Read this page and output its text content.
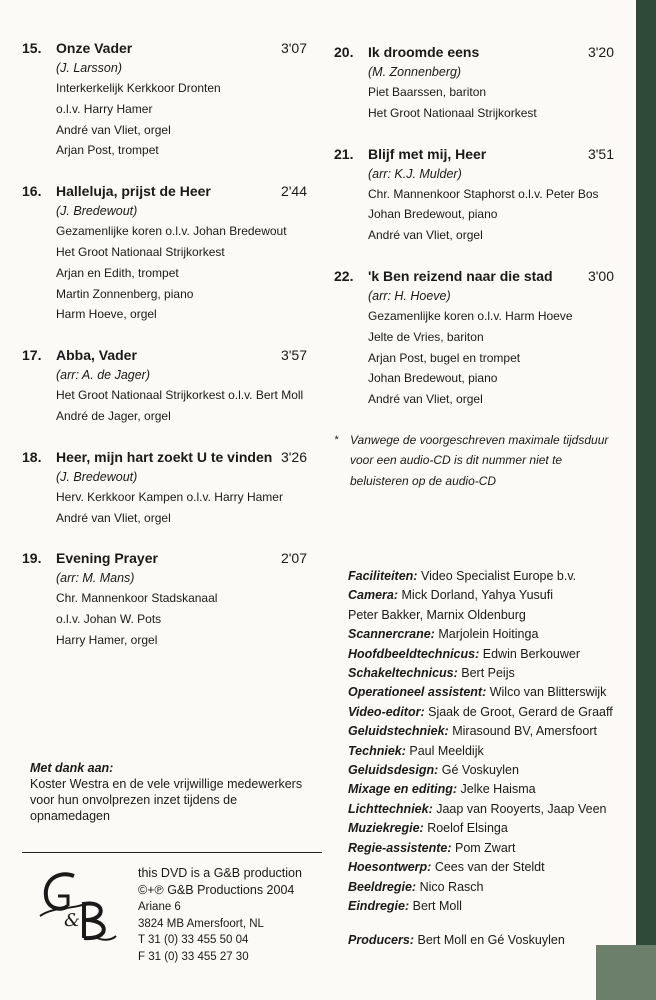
15.	Onze Vader	3'07
(J. Larsson)
Interkerkelijk Kerkkoor Dronten
o.l.v. Harry Hamer
André van Vliet, orgel
Arjan Post, trompet
16.	Halleluja, prijst de Heer	2'44
(J. Bredewout)
Gezamenlijke koren o.l.v. Johan Bredewout
Het Groot Nationaal Strijkorkest
Arjan en Edith, trompet
Martin Zonnenberg, piano
Harm Hoeve, orgel
17.	Abba, Vader	3'57
(arr: A. de Jager)
Het Groot Nationaal Strijkorkest o.l.v. Bert Moll
André de Jager, orgel
18.	Heer, mijn hart zoekt U te vinden 3'26
(J. Bredewout)
Herv. Kerkkoor Kampen o.l.v. Harry Hamer
André van Vliet, orgel
19.	Evening Prayer	2'07
(arr: M. Mans)
Chr. Mannenkoor Stadskanaal
o.l.v. Johan W. Pots
Harry Hamer, orgel
20.	Ik droomde eens	3'20
(M. Zonnenberg)
Piet Baarssen, bariton
Het Groot Nationaal Strijkorkest
21.	Blijf met mij, Heer	3'51
(arr: K.J. Mulder)
Chr. Mannenkoor Staphorst o.l.v. Peter Bos
Johan Bredewout, piano
André van Vliet, orgel
22.	'k Ben reizend naar die stad	3'00
(arr: H. Hoeve)
Gezamenlijke koren o.l.v. Harm Hoeve
Jelte de Vries, bariton
Arjan Post, bugel en trompet
Johan Bredewout, piano
André van Vliet, orgel
* Vanwege de voorgeschreven maximale tijdsduur voor een audio-CD is dit nummer niet te beluisteren op de audio-CD
Faciliteiten: Video Specialist Europe b.v.
Camera: Mick Dorland, Yahya Yusufi
Peter Bakker, Marnix Oldenburg
Scannercrane: Marjolein Hoitinga
Hoofdbeeldtechnicus: Edwin Berkouwer
Schakeltechnicus: Bert Peijs
Operationeel assistent: Wilco van Blitterswijk
Video-editor: Sjaak de Groot, Gerard de Graaff
Geluidstechniek: Mirasound BV, Amersfoort
Techniek: Paul Meeldijk
Geluidsdesign: Gé Voskuylen
Mixage en editing: Jelke Haisma
Lichttechniek: Jaap van Rooyerts, Jaap Veen
Muziekregie: Roelof Elsinga
Regie-assistente: Pom Zwart
Hoesontwerp: Cees van der Steldt
Beeldregie: Nico Rasch
Eindregie: Bert Moll
Producers: Bert Moll en Gé Voskuylen
Met dank aan:
Koster Westra en de vele vrijwillige medewerkers voor hun onvolprezen inzet tijdens de opnamedagen
&
this DVD is a G&B production
©+℗ G&B Productions 2004
Ariane 6
3824 MB Amersfoort, NL
T 31 (0) 33 455 50 04
F 31 (0) 33 455 27 30
